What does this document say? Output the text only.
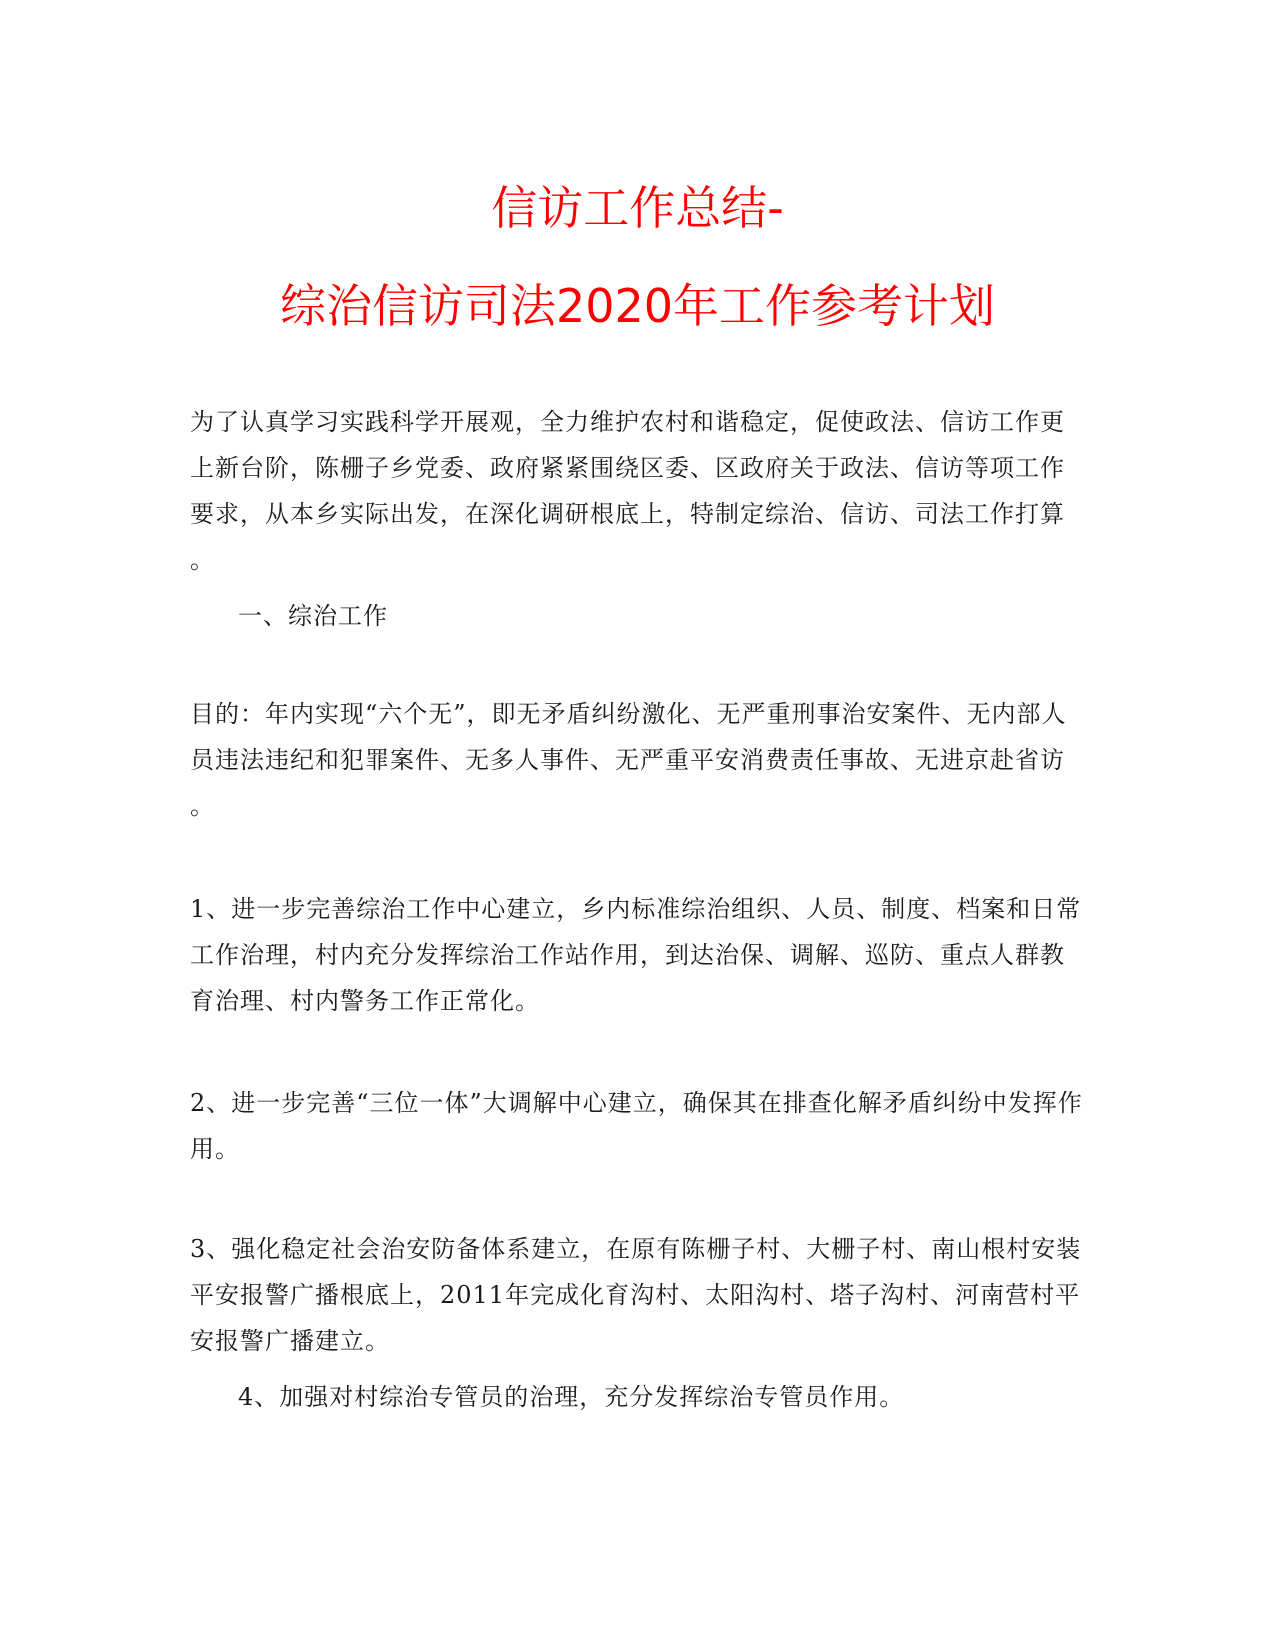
信访工作总结-
综治信访司法2020年工作参考计划
为了认真学习实践科学开展观，全力维护农村和谐稳定，促使政法、信访工作更
上新台阶，陈栅子乡党委、政府紧紧围绕区委、区政府关于政法、信访等项工作
要求，从本乡实际出发，在深化调研根底上，特制定综治、信访、司法工作打算
。
一、综治工作
目的：年内实现“六个无”，即无矛盾纠纷激化、无严重刑事治安案件、无内部人
员违法违纪和犯罪案件、无多人事件、无严重平安消费责任事故、无进京赴省访
。
1、进一步完善综治工作中心建立，乡内标准综治组织、人员、制度、档案和日常
工作治理，村内充分发挥综治工作站作用，到达治保、调解、巡防、重点人群教
育治理、村内警务工作正常化。
2、进一步完善“三位一体”大调解中心建立，确保其在排查化解矛盾纠纷中发挥作
用。
3、强化稳定社会治安防备体系建立，在原有陈栅子村、大栅子村、南山根村安装
平安报警广播根底上，2011年完成化育沟村、太阳沟村、塔子沟村、河南营村平
安报警广播建立。
4、加强对村综治专管员的治理，充分发挥综治专管员作用。
